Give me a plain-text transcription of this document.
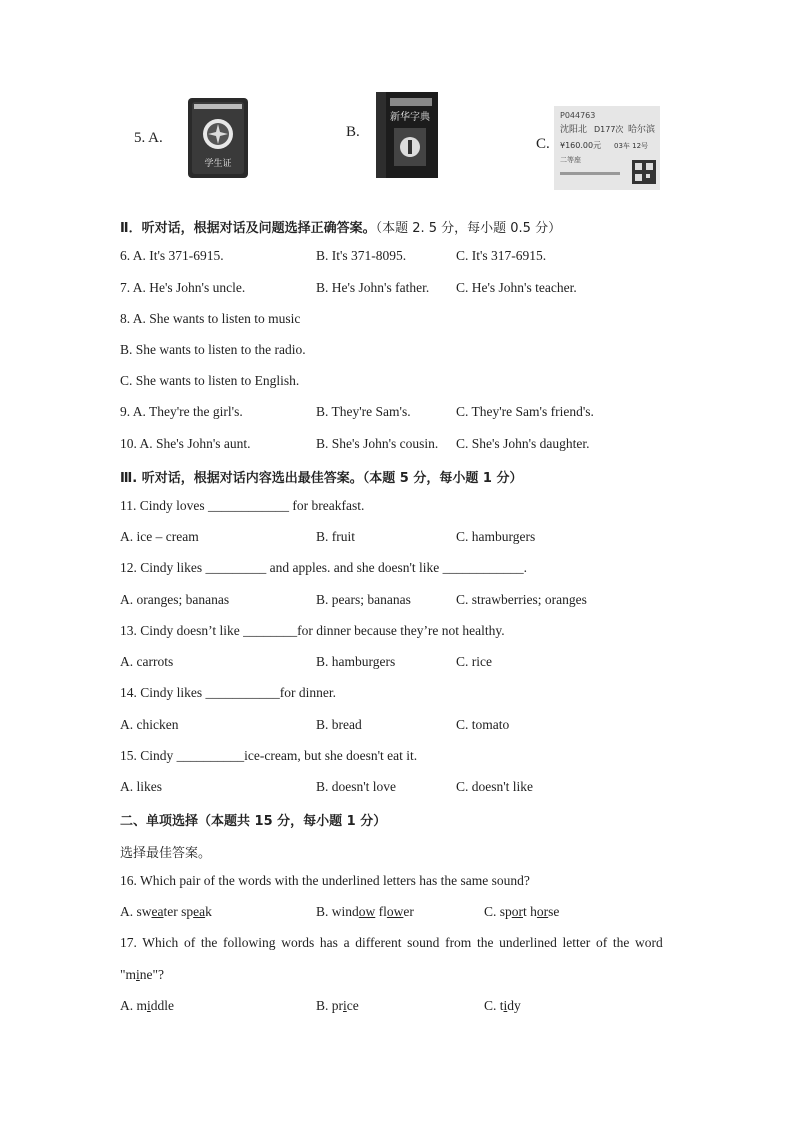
5. A.
学生证
B.
新华字典
C.
P044763
沈阳北 D177次 哈尔滨
¥160.00元 03车 12号
二等座
Ⅱ．听对话，根据对话及问题选择正确答案。（本题 2. 5 分，每小题 0.5 分）
6. A. It's 371-6915.	B. It's 371-8095.	C. It's 317-6915.
7. A. He's John's uncle.	B. He's John's father. C. He's John's teacher.
8. A. She wants to listen to music
B. She wants to listen to the radio.
C. She wants to listen to English.
9. A. They're the girl's.	B. They're Sam's.	C. They're Sam's friend's.
10. A. She's John's aunt.	B. She's John's cousin. C. She's John's daughter.
Ⅲ. 听对话，根据对话内容选出最佳答案。（本题 5 分，每小题 1 分）
11. Cindy loves ____________ for breakfast.
A. ice – cream	B. fruit	C. hamburgers
12. Cindy likes _________ and apples. and she doesn't like ____________.
A. oranges; bananas	B. pears; bananas	C. strawberries; oranges
13. Cindy doesn’t like ________for dinner because they’re not healthy.
A. carrots	B. hamburgers	C. rice
14. Cindy likes ___________for dinner.
A. chicken	B. bread	C. tomato
15. Cindy __________ice-cream, but she doesn't eat it.
A. likes	B. doesn't love	C. doesn't like
二、单项选择（本题共 15 分，每小题 1 分）
选择最佳答案。
16. Which pair of the words with the underlined letters has the same sound?
A. sweater speak	B. window flower	C. sport horse
17. Which of the following words has a different sound from the underlined letter of the word
"mine"?
A. middle	B. price	C. tidy
